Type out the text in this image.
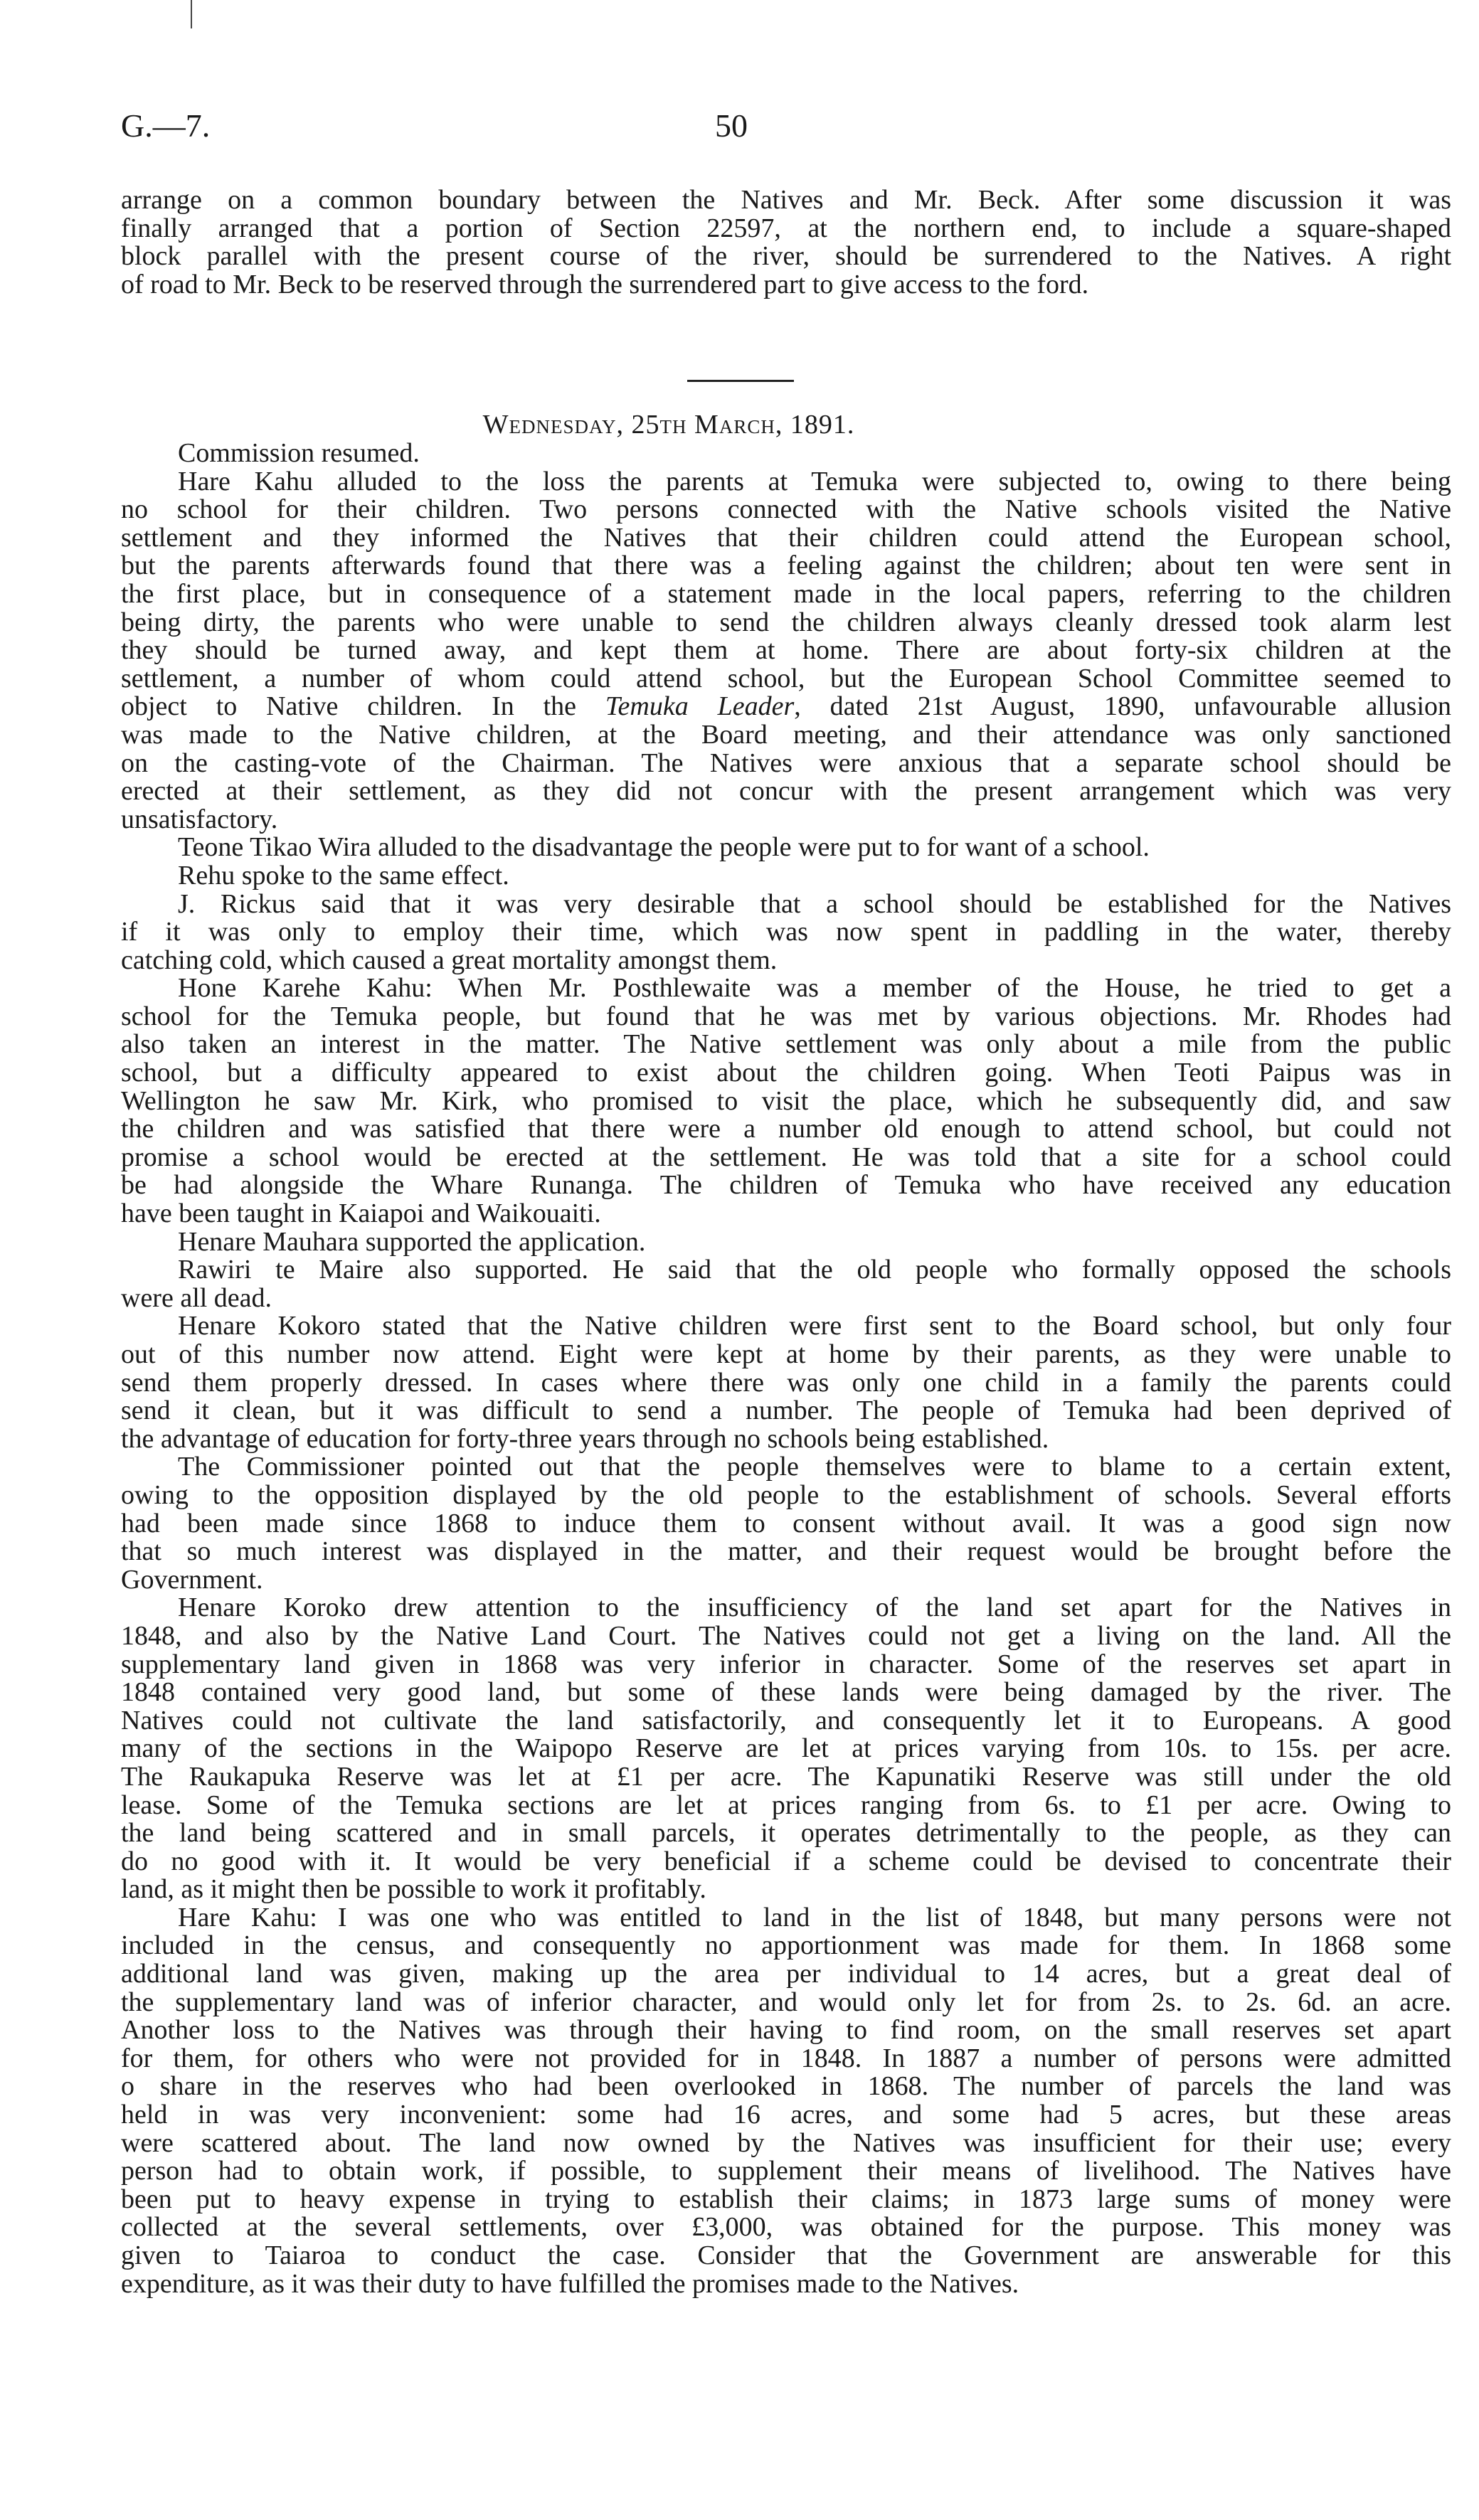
G.—7.	50
arrange on a common boundary between the Natives and Mr. Beck. After some discussion it was
finally arranged that a portion of Section 22597, at the northern end, to include a square-shaped
block parallel with the present course of the river, should be surrendered to the Natives. A right
of road to Mr. Beck to be reserved through the surrendered part to give access to the ford.
Wednesday, 25th March, 1891.
Commission resumed.
Hare Kahu alluded to the loss the parents at Temuka were subjected to, owing to there being
no school for their children. Two persons connected with the Native schools visited the Native
settlement and they informed the Natives that their children could attend the European school,
but the parents afterwards found that there was a feeling against the children; about ten were sent in
the first place, but in consequence of a statement made in the local papers, referring to the children
being dirty, the parents who were unable to send the children always cleanly dressed took alarm lest
they should be turned away, and kept them at home. There are about forty-six children at the
settlement, a number of whom could attend school, but the European School Committee seemed to
object to Native children. In the Temuka Leader, dated 21st August, 1890, unfavourable allusion
was made to the Native children, at the Board meeting, and their attendance was only sanctioned
on the casting-vote of the Chairman. The Natives were anxious that a separate school should be
erected at their settlement, as they did not concur with the present arrangement which was very
unsatisfactory.
Teone Tikao Wira alluded to the disadvantage the people were put to for want of a school.
Rehu spoke to the same effect.
J. Rickus said that it was very desirable that a school should be established for the Natives
if it was only to employ their time, which was now spent in paddling in the water, thereby
catching cold, which caused a great mortality amongst them.
Hone Karehe Kahu: When Mr. Posthlewaite was a member of the House, he tried to get a
school for the Temuka people, but found that he was met by various objections. Mr. Rhodes had
also taken an interest in the matter. The Native settlement was only about a mile from the public
school, but a difficulty appeared to exist about the children going. When Teoti Paipus was in
Wellington he saw Mr. Kirk, who promised to visit the place, which he subsequently did, and saw
the children and was satisfied that there were a number old enough to attend school, but could not
promise a school would be erected at the settlement. He was told that a site for a school could
be had alongside the Whare Runanga. The children of Temuka who have received any education
have been taught in Kaiapoi and Waikouaiti.
Henare Mauhara supported the application.
Rawiri te Maire also supported. He said that the old people who formally opposed the schools
were all dead.
Henare Kokoro stated that the Native children were first sent to the Board school, but only four
out of this number now attend. Eight were kept at home by their parents, as they were unable to
send them properly dressed. In cases where there was only one child in a family the parents could
send it clean, but it was difficult to send a number. The people of Temuka had been deprived of
the advantage of education for forty-three years through no schools being established.
The Commissioner pointed out that the people themselves were to blame to a certain extent,
owing to the opposition displayed by the old people to the establishment of schools. Several efforts
had been made since 1868 to induce them to consent without avail. It was a good sign now
that so much interest was displayed in the matter, and their request would be brought before the
Government.
Henare Koroko drew attention to the insufficiency of the land set apart for the Natives in
1848, and also by the Native Land Court. The Natives could not get a living on the land. All the
supplementary land given in 1868 was very inferior in character. Some of the reserves set apart in
1848 contained very good land, but some of these lands were being damaged by the river. The
Natives could not cultivate the land satisfactorily, and consequently let it to Europeans. A good
many of the sections in the Waipopo Reserve are let at prices varying from 10s. to 15s. per acre.
The Raukapuka Reserve was let at £1 per acre. The Kapunatiki Reserve was still under the old
lease. Some of the Temuka sections are let at prices ranging from 6s. to £1 per acre. Owing to
the land being scattered and in small parcels, it operates detrimentally to the people, as they can
do no good with it. It would be very beneficial if a scheme could be devised to concentrate their
land, as it might then be possible to work it profitably.
Hare Kahu: I was one who was entitled to land in the list of 1848, but many persons were not
included in the census, and consequently no apportionment was made for them. In 1868 some
additional land was given, making up the area per individual to 14 acres, but a great deal of
the supplementary land was of inferior character, and would only let for from 2s. to 2s. 6d. an acre.
Another loss to the Natives was through their having to find room, on the small reserves set apart
for them, for others who were not provided for in 1848. In 1887 a number of persons were admitted
o share in the reserves who had been overlooked in 1868. The number of parcels the land was
held in was very inconvenient: some had 16 acres, and some had 5 acres, but these areas
were scattered about. The land now owned by the Natives was insufficient for their use; every
person had to obtain work, if possible, to supplement their means of livelihood. The Natives have
been put to heavy expense in trying to establish their claims; in 1873 large sums of money were
collected at the several settlements, over £3,000, was obtained for the purpose. This money was
given to Taiaroa to conduct the case. Consider that the Government are answerable for this
expenditure, as it was their duty to have fulfilled the promises made to the Natives.
